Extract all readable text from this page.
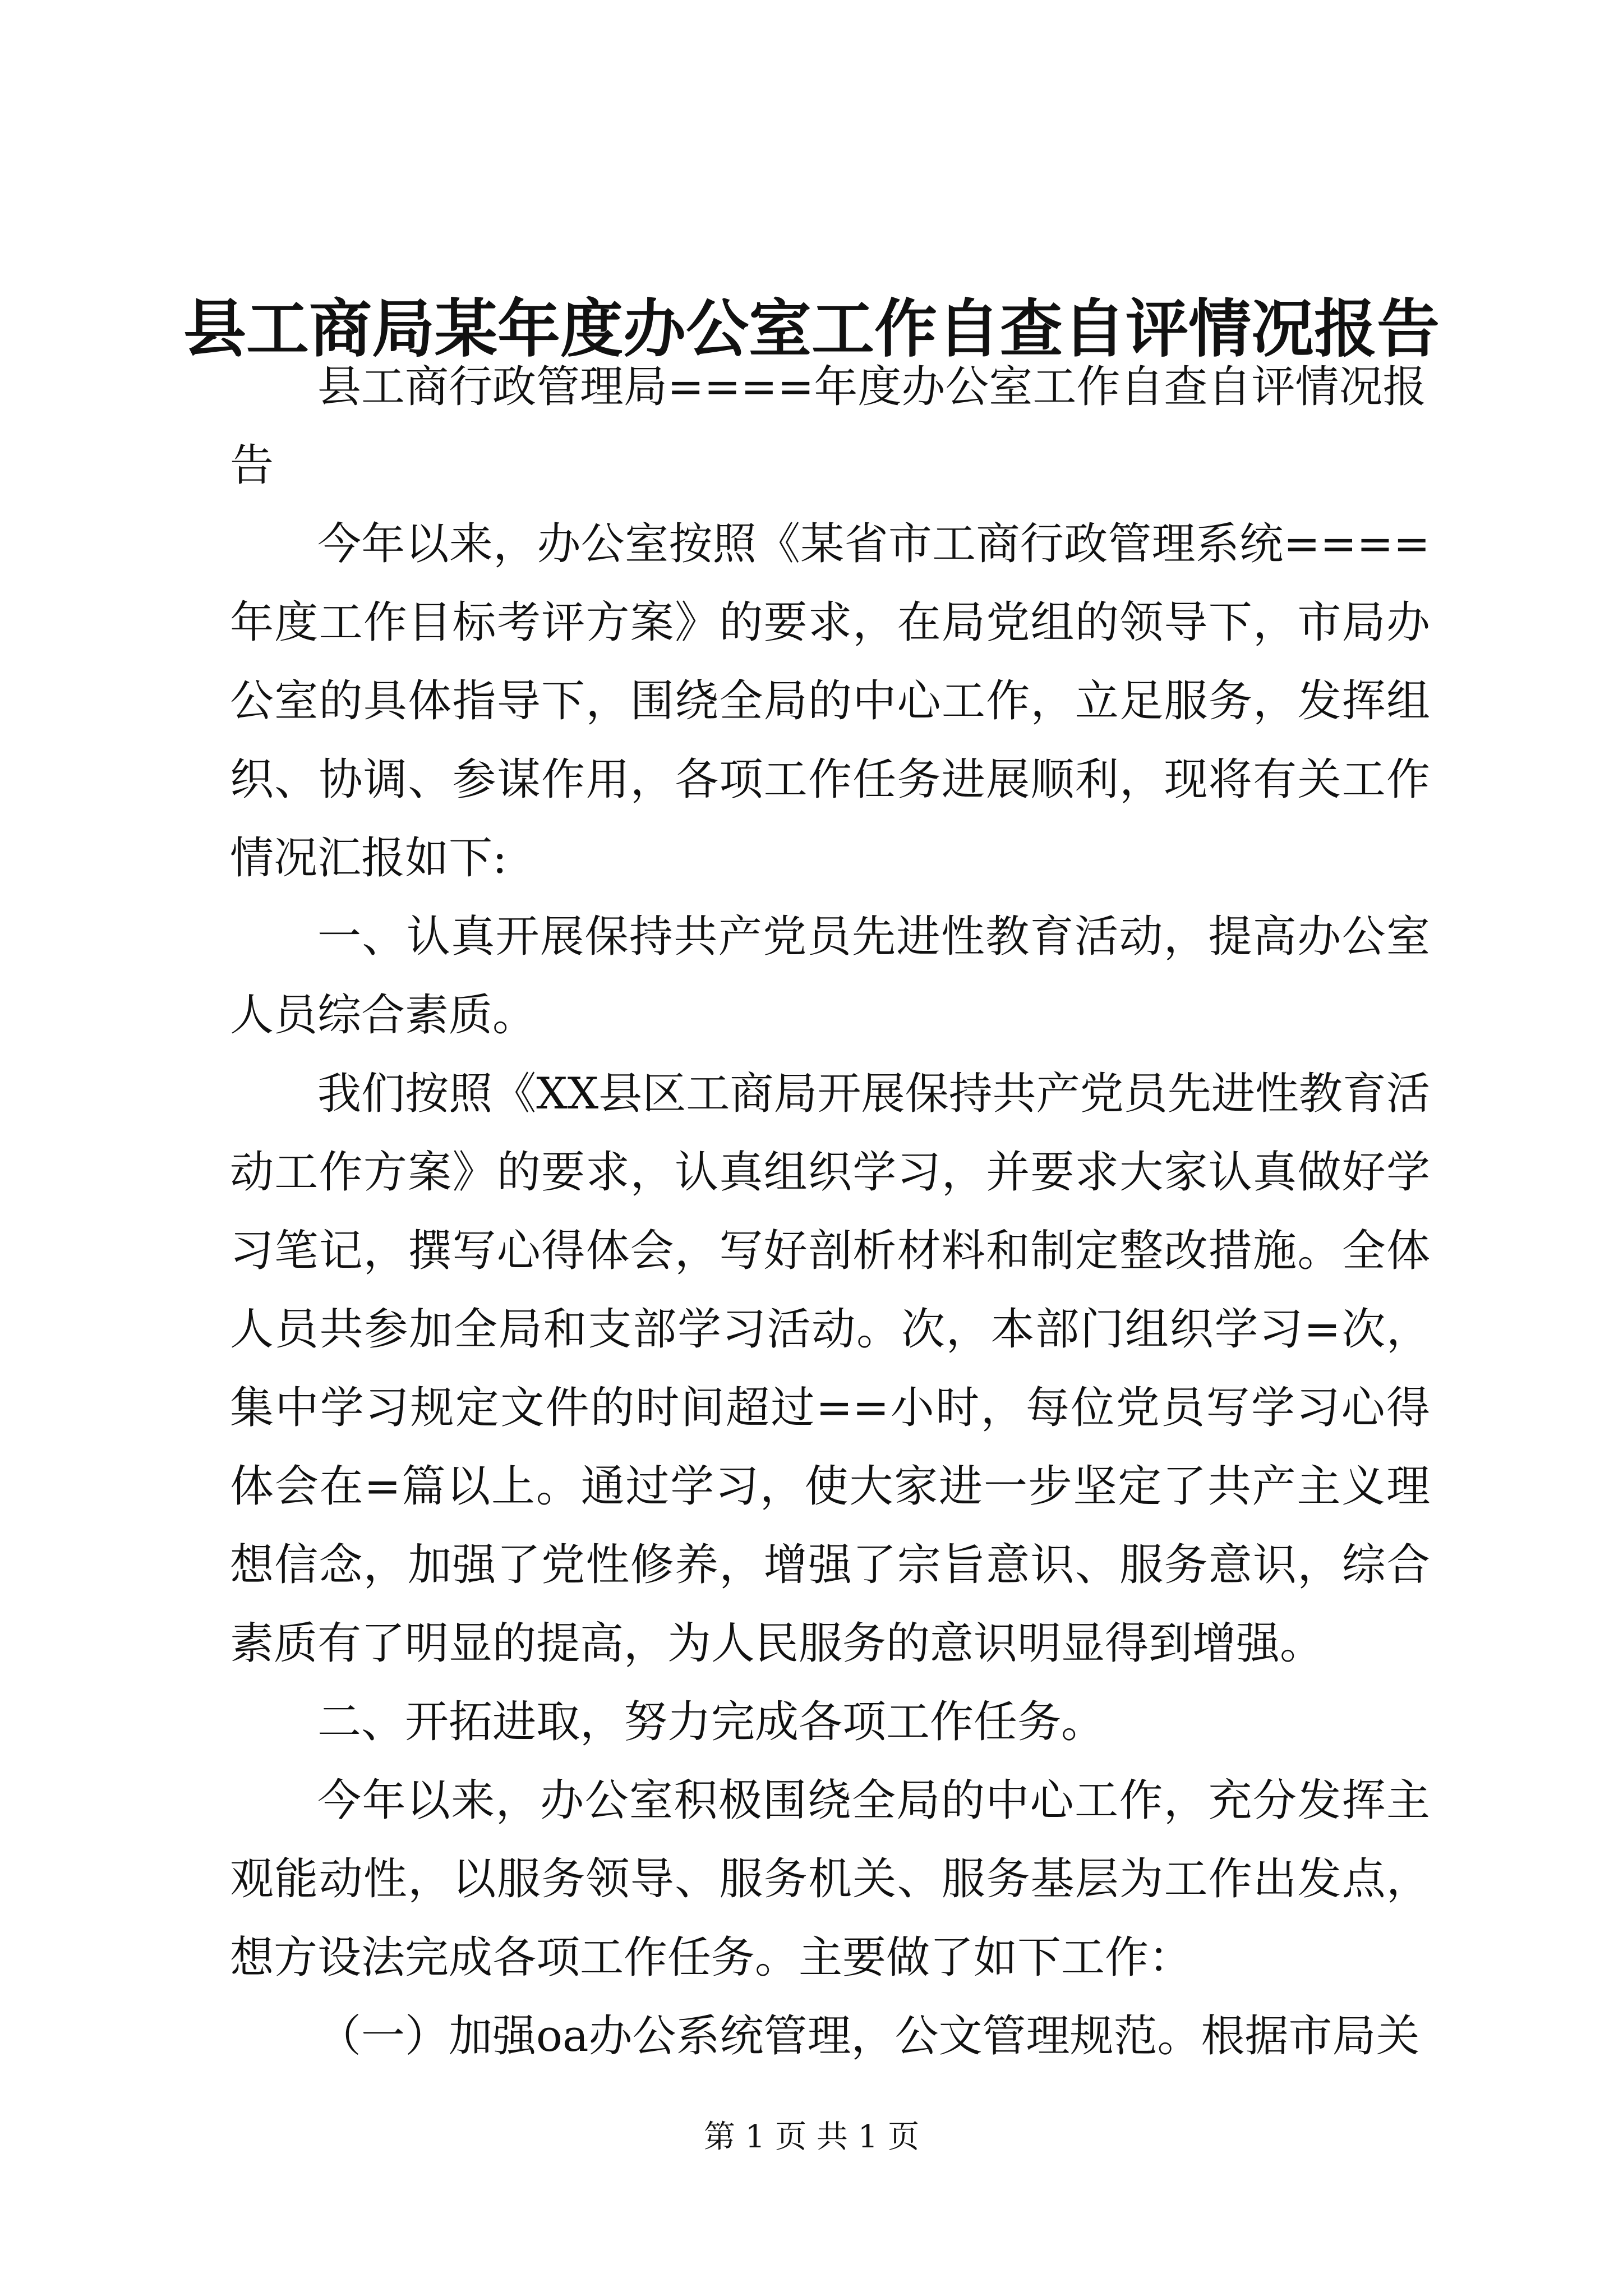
县工商局某年度办公室工作自查自评情况报告

县工商行政管理局====年度办公室工作自查自评情况报告

今年以来，办公室按照《某省市工商行政管理系统====年度工作目标考评方案》的要求，在局党组的领导下，市局办公室的具体指导下，围绕全局的中心工作，立足服务，发挥组织、协调、参谋作用，各项工作任务进展顺利，现将有关工作情况汇报如下:

一、认真开展保持共产党员先进性教育活动，提高办公室人员综合素质。

我们按照《XX县区工商局开展保持共产党员先进性教育活动工作方案》的要求，认真组织学习，并要求大家认真做好学习笔记，撰写心得体会，写好剖析材料和制定整改措施。全体人员共参加全局和支部学习活动。次，本部门组织学习=次，集中学习规定文件的时间超过==小时，每位党员写学习心得体会在=篇以上。通过学习，使大家进一步坚定了共产主义理想信念，加强了党性修养，增强了宗旨意识、服务意识，综合素质有了明显的提高，为人民服务的意识明显得到增强。

二、开拓进取，努力完成各项工作任务。

今年以来，办公室积极围绕全局的中心工作，充分发挥主观能动性，以服务领导、服务机关、服务基层为工作出发点，想方设法完成各项工作任务。主要做了如下工作：

（一）加强oa办公系统管理，公文管理规范。根据市局关

第 1 页 共 1 页
